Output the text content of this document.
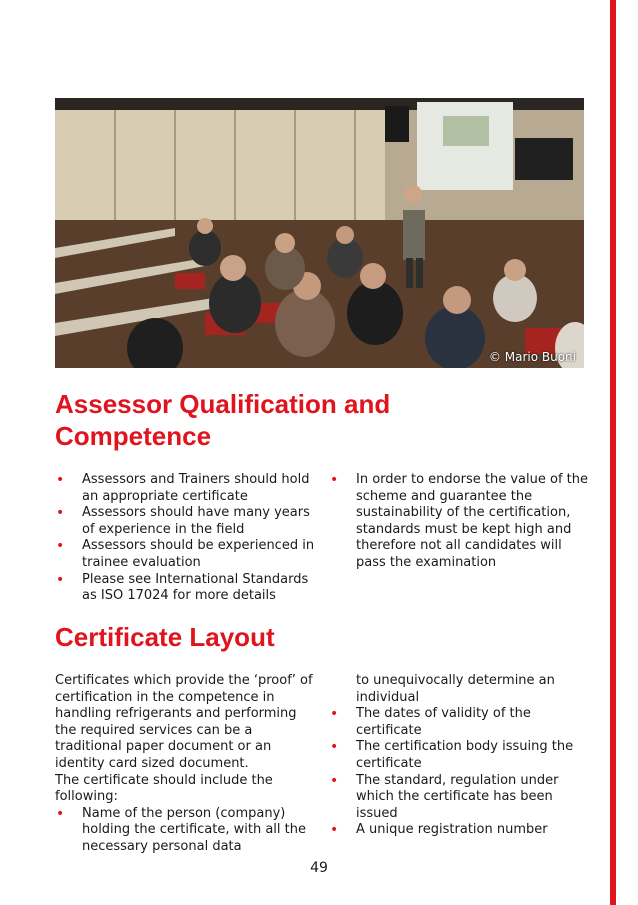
© Mario Buoni
Assessor Qualification and Competence
• Assessors and Trainers should hold an appropriate certificate
• Assessors should have many years of experience in the field
• Assessors should be experienced in trainee evaluation
• Please see International Standards as ISO 17024 for more details
• In order to endorse the value of the scheme and guarantee the sustainability of the certification, standards must be kept high and therefore not all candidates will pass the examination
Certificate Layout

Certificates which provide the ‘proof’ of certification in the competence in handling refrigerants and performing the required services can be a traditional paper document or an identity card sized document.

The certificate should include the following:

• Name of the person (company) holding the certificate, with all the necessary personal data

to unequivocally determine an individual

• The dates of validity of the certificate
• The certification body issuing the certificate
• The standard, regulation under which the certificate has been issued
• A unique registration number
49
